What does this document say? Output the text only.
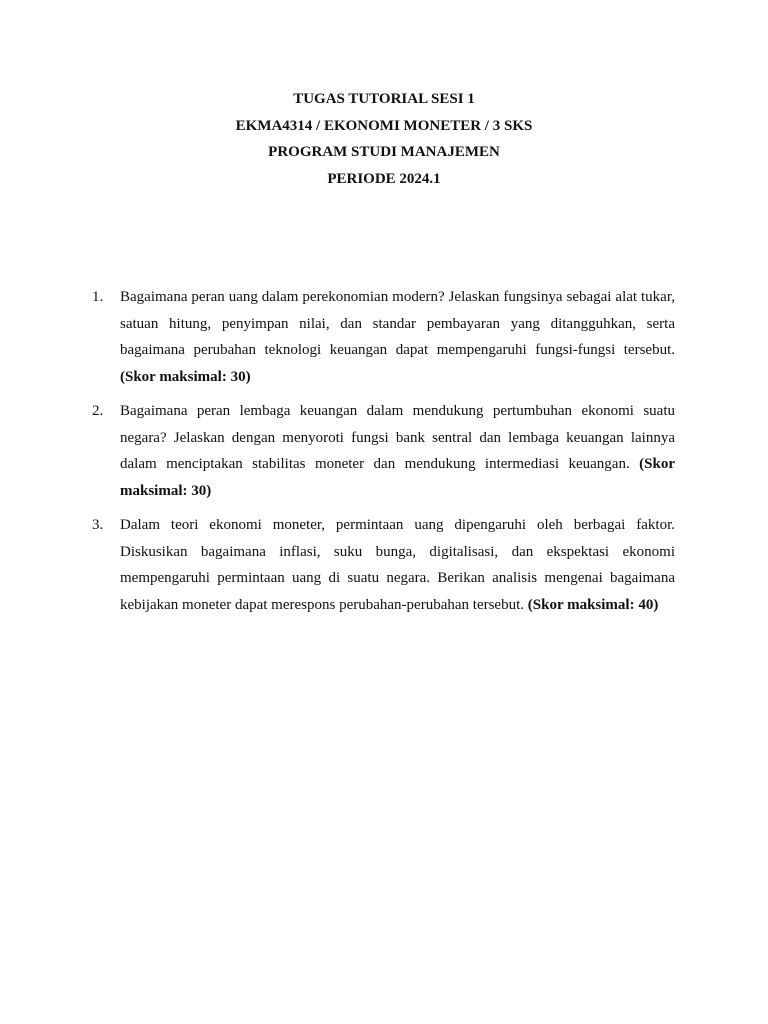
TUGAS TUTORIAL SESI 1
EKMA4314 / EKONOMI MONETER / 3 SKS
PROGRAM STUDI MANAJEMEN
PERIODE 2024.1
1.	Bagaimana peran uang dalam perekonomian modern? Jelaskan fungsinya sebagai alat tukar, satuan hitung, penyimpan nilai, dan standar pembayaran yang ditangguhkan, serta bagaimana perubahan teknologi keuangan dapat mempengaruhi fungsi-fungsi tersebut. (Skor maksimal: 30)
2.	Bagaimana peran lembaga keuangan dalam mendukung pertumbuhan ekonomi suatu negara? Jelaskan dengan menyoroti fungsi bank sentral dan lembaga keuangan lainnya dalam menciptakan stabilitas moneter dan mendukung intermediasi keuangan. (Skor maksimal: 30)
3.	Dalam teori ekonomi moneter, permintaan uang dipengaruhi oleh berbagai faktor. Diskusikan bagaimana inflasi, suku bunga, digitalisasi, dan ekspektasi ekonomi mempengaruhi permintaan uang di suatu negara. Berikan analisis mengenai bagaimana kebijakan moneter dapat merespons perubahan-perubahan tersebut. (Skor maksimal: 40)
